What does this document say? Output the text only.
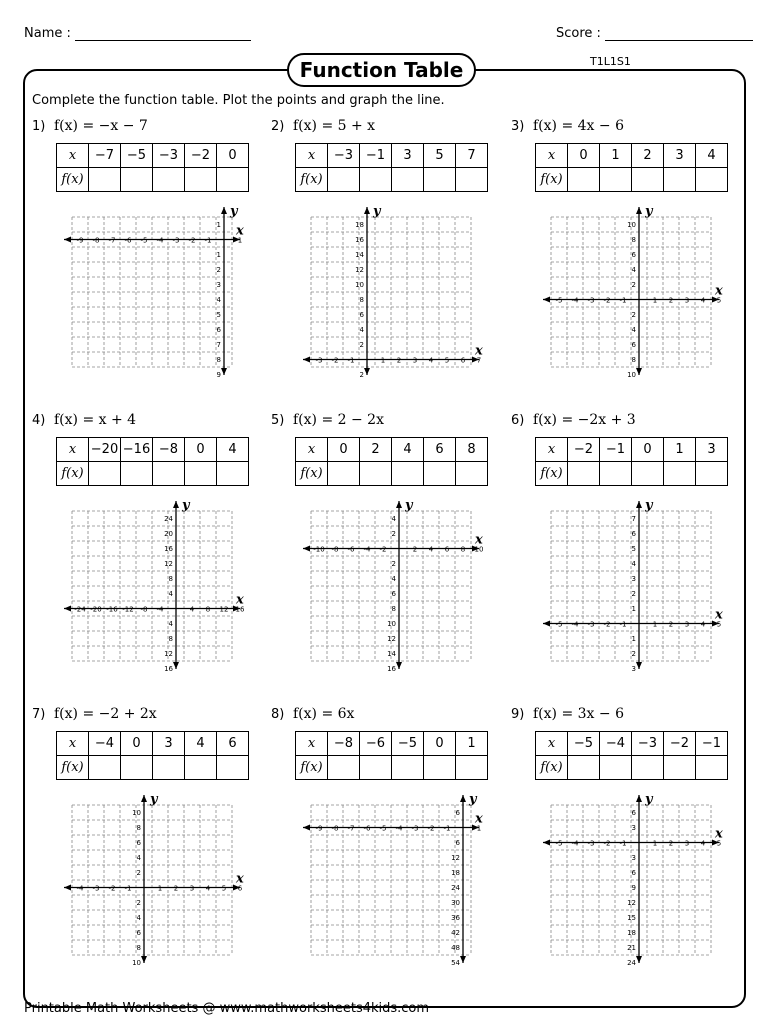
Name :	Score :
Function Table	T1L1S1
Complete the function table. Plot the points and graph the line.
1) f(x) = −x − 7
x	−7	−5	−3	−2	0
f(x)					
x
y
-9 -8 -7 -6 -5 -4 -3 -2 -1	1
1
1
2
3
4
5
6
7
8
9
2) f(x) = 5 + x
x	−3	−1	3	5	7
f(x)					
x
y
-3 -2 -1	1 2 3 4 5 6 7
18
16
14
12
10
8
6
4
2
2
3) f(x) = 4x − 6
x	0	1	2	3	4
f(x)					
x
y
-5 -4 -3 -2 -1	1 2 3 4 5
10
8
6
4
2
2
4
6
8
10
4) f(x) = x + 4
x	−20	−16	−8	0	4
f(x)					
x
y
-24 -20 -16 -12 -8 -4	4 8 12 16
24
20
16
12
8
4
4
8
12
16
5) f(x) = 2 − 2x
x	0	2	4	6	8
f(x)					
x
y
-10 -8 -6 -4 -2	2 4 6 8 10
4
2
2
4
6
8
10
12
14
16
6) f(x) = −2x + 3
x	−2	−1	0	1	3
f(x)					
x
y
-5 -4 -3 -2 -1	1 2 3 4 5
7
6
5
4
3
2
1
1
2
3
7) f(x) = −2 + 2x
x	−4	0	3	4	6
f(x)					
x
y
-4 -3 -2 -1	1 2 3 4 5 6
10
8
6
4
2
2
4
6
8
10
8) f(x) = 6x
x	−8	−6	−5	0	1
f(x)					
x
y
-9 -8 -7 -6 -5 -4 -3 -2 -1	1
6
6
12
18
24
30
36
42
48
54
9) f(x) = 3x − 6
x	−5	−4	−3	−2	−1
f(x)					
x
y
-5 -4 -3 -2 -1	1 2 3 4 5
6
3
3
6
9
12
15
18
21
24
Printable Math Worksheets @ www.mathworksheets4kids.com
